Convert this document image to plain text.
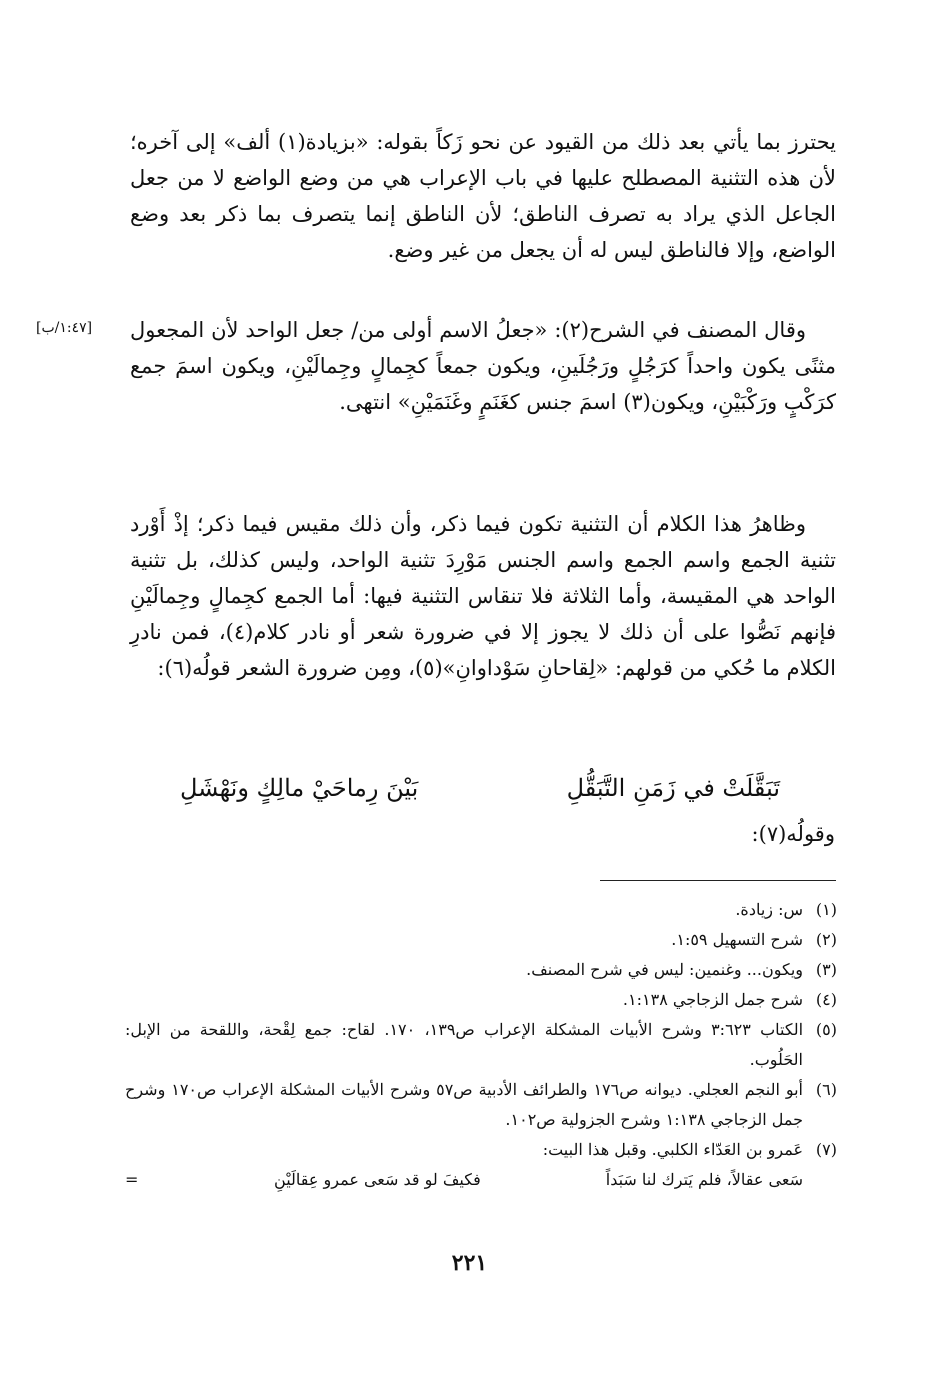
يحترز بما يأتي بعد ذلك من القيود عن نحو زَكاً بقوله: «بزيادة(١) ألف» إلى آخره؛ لأن هذه التثنية المصطلح عليها في باب الإعراب هي من وضع الواضع لا من جعل الجاعل الذي يراد به تصرف الناطق؛ لأن الناطق إنما يتصرف بما ذكر بعد وضع الواضع، وإلا فالناطق ليس له أن يجعل من غير وضع.

[١:٤٧/ب] وقال المصنف في الشرح(٢): «جعلُ الاسم أولى من/ جعل الواحد لأن المجعول مثنًى يكون واحداً كرَجُلٍ ورَجُلَينِ، ويكون جمعاً كجِمالٍ وجِمالَيْنِ، ويكون اسمَ جمع كرَكْبٍ ورَكْبَيْنِ، ويكون(٣) اسمَ جنس كغَنَمٍ وغَنَمَيْنِ» انتهى.

وظاهرُ هذا الكلام أن التثنية تكون فيما ذكر، وأن ذلك مقيس فيما ذكر؛ إذْ أَوْرد تثنية الجمع واسم الجمع واسم الجنس مَوْرِدَ تثنية الواحد، وليس كذلك، بل تثنية الواحد هي المقيسة، وأما الثلاثة فلا تنقاس التثنية فيها: أما الجمع كجِمالٍ وجِمالَيْنِ فإنهم نَصُّوا على أن ذلك لا يجوز إلا في ضرورة شعر أو نادر كلام(٤)، فمن نادرِ الكلام ما حُكي من قولهم: «لِقاحانِ سَوْداوانِ»(٥)، ومِن ضرورة الشعر قولُه(٦):

تَبَقَّلَتْ في زَمَنِ التَّبَقُّلِ
بَيْنَ رِماحَيْ مالِكٍ ونَهْشَلِ
وقولُه(٧):
(١)
س: زيادة.
(٢)
شرح التسهيل ١:٥٩.
(٣)
ويكون... وغنمين: ليس في شرح المصنف.
(٤)
شرح جمل الزجاجي ١:١٣٨.
(٥)
الكتاب ٣:٦٢٣ وشرح الأبيات المشكلة الإعراب ص١٣٩، ١٧٠. لقاح: جمع لِقْحة، واللقحة من الإبل: الحَلُوب.
(٦)
أبو النجم العجلي. ديوانه ص١٧٦ والطرائف الأدبية ص٥٧ وشرح الأبيات المشكلة الإعراب ص١٧٠ وشرح جمل الزجاجي ١:١٣٨ وشرح الجزولية ص١٠٢.
(٧)
عَمرو بن العَدّاء الكلبي. وقبل هذا البيت:
سَعى عقالاً، فلم يَترك لنا سَبَداً
فكيفَ لو قد سَعى عمرو عِقالَيْنِ
=
٢٢١
